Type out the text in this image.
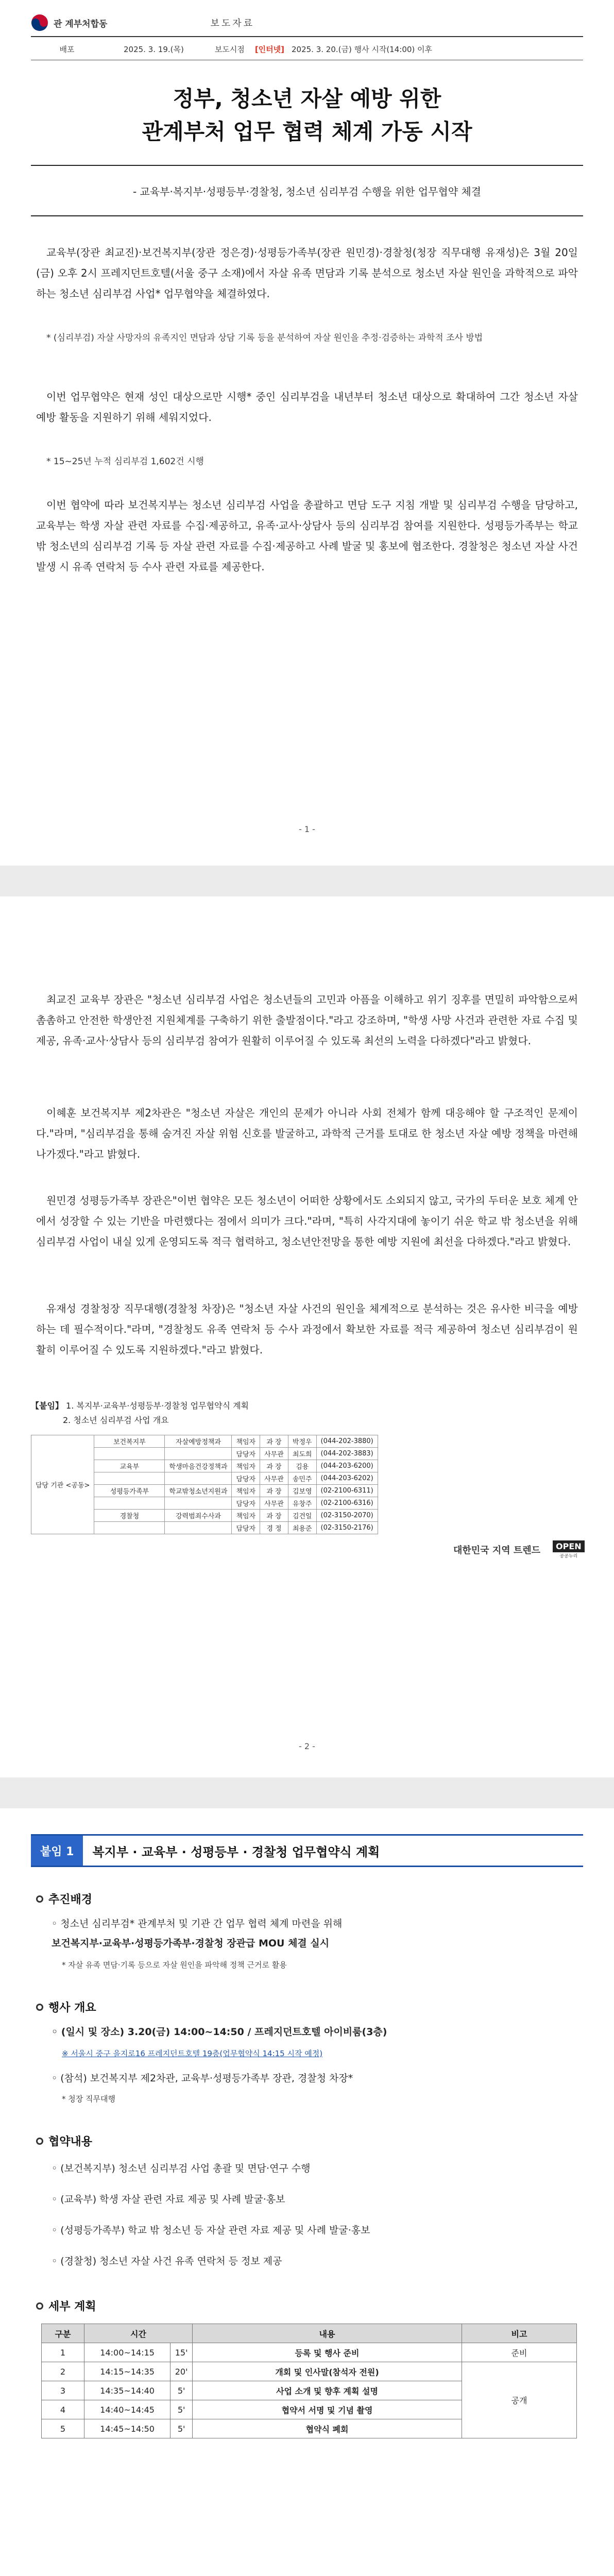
관 계부처합동	보도자료
배포	2025. 3. 19.(목)	보도시점 [인터넷] 2025. 3. 20.(금) 행사 시작(14:00) 이후
정부, 청소년 자살 예방 위한
관계부처 업무 협력 체계 가동 시작
- 교육부·복지부·성평등부·경찰청, 청소년 심리부검 수행을 위한 업무협약 체결
교육부(장관 최교진)·보건복지부(장관 정은경)·성평등가족부(장관 원민경)·경찰청(청장 직무대행 유재성)은 3월 20일(금) 오후 2시 프레지던트호텔(서울 중구 소재)에서 자살 유족 면담과 기록 분석으로 청소년 자살 원인을 과학적으로 파악하는 청소년 심리부검 사업* 업무협약을 체결하였다.
* (심리부검) 자살 사망자의 유족지인 면담과 상담 기록 등을 분석하여 자살 원인을 추정·검증하는 과학적 조사 방법
이번 업무협약은 현재 성인 대상으로만 시행* 중인 심리부검을 내년부터 청소년 대상으로 확대하여 그간 청소년 자살 예방 활동을 지원하기 위해 세워지었다.
* 15~25년 누적 심리부검 1,602건 시행
이번 협약에 따라 보건복지부는 청소년 심리부검 사업을 총괄하고 면담 도구 지침 개발 및 심리부검 수행을 담당하고, 교육부는 학생 자살 관련 자료를 수집·제공하고, 유족·교사·상담사 등의 심리부검 참여를 지원한다. 성평등가족부는 학교 밖 청소년의 심리부검 기록 등 자살 관련 자료를 수집·제공하고 사례 발굴 및 홍보에 협조한다. 경찰청은 청소년 자살 사건 발생 시 유족 연락처 등 수사 관련 자료를 제공한다.
- 1 -
최교진 교육부 장관은 "청소년 심리부검 사업은 청소년들의 고민과 아픔을 이해하고 위기 징후를 면밀히 파악함으로써 촘촘하고 안전한 학생안전 지원체계를 구축하기 위한 출발점이다."라고 강조하며, "학생 사망 사건과 관련한 자료 수집 및 제공, 유족·교사·상담사 등의 심리부검 참여가 원활히 이루어질 수 있도록 최선의 노력을 다하겠다"라고 밝혔다.
이혜훈 보건복지부 제2차관은 "청소년 자살은 개인의 문제가 아니라 사회 전체가 함께 대응해야 할 구조적인 문제이다."라며, "심리부검을 통해 숨겨진 자살 위험 신호를 발굴하고, 과학적 근거를 토대로 한 청소년 자살 예방 정책을 마련해 나가겠다."라고 밝혔다.
원민경 성평등가족부 장관은"이번 협약은 모든 청소년이 어떠한 상황에서도 소외되지 않고, 국가의 두터운 보호 체계 안에서 성장할 수 있는 기반을 마련했다는 점에서 의미가 크다."라며, "특히 사각지대에 놓이기 쉬운 학교 밖 청소년을 위해 심리부검 사업이 내실 있게 운영되도록 적극 협력하고, 청소년안전망을 통한 예방 지원에 최선을 다하겠다."라고 밝혔다.
유재성 경찰청장 직무대행(경찰청 차장)은 "청소년 자살 사건의 원인을 체계적으로 분석하는 것은 유사한 비극을 예방하는 데 필수적이다."라며, "경찰청도 유족 연락처 등 수사 과정에서 확보한 자료를 적극 제공하여 청소년 심리부검이 원활히 이루어질 수 있도록 지원하겠다."라고 밝혔다.
- 2 -
【붙임】 1. 복지부·교육부·성평등부·경찰청 업무협약식 계획
2. 청소년 심리부검 사업 개요
담당 기관 <공동>	보건복지부	자살예방정책과	책임자	과 장	박정우	(044-202-3880)
			담당자	사무관	최도희	(044-202-3883)
	교육부	학생마음건강정책과	책임자	과 장	김용	(044-203-6200)
			담당자	사무관	송민주	(044-203-6202)
	성평등가족부	학교밖청소년지원과	책임자	과 장	김보영	(02-2100-6311)
			담당자	사무관	유창주	(02-2100-6316)
	경찰청	강력범죄수사과	책임자	과 장	김건일	(02-3150-2070)
			담당자	경 정	최용준	(02-3150-2176)
대한민국 지역 트렌드 OPEN
공공누리
붙임 1	복지부 · 교육부 · 성평등부 · 경찰청 업무협약식 계획
추진배경
◦ 청소년 심리부검* 관계부처 및 기관 간 업무 협력 체계 마련을 위해
보건복지부·교육부·성평등가족부·경찰청 장관급 MOU 체결 실시
* 자살 유족 면담·기록 등으로 자살 원인을 파악해 정책 근거로 활용
행사 개요
◦ (일시 및 장소) 3.20(금) 14:00~14:50 / 프레지던트호텔 아이비룸(3층)
※ 서울시 중구 을지로16 프레지던트호텔 19층(업무협약식 14:15 시작 예정)
◦ (참석) 보건복지부 제2차관, 교육부·성평등가족부 장관, 경찰청 차장*
* 청장 직무대행
협약내용
◦ (보건복지부) 청소년 심리부검 사업 총괄 및 면담·연구 수행
◦ (교육부) 학생 자살 관련 자료 제공 및 사례 발굴·홍보
◦ (성평등가족부) 학교 밖 청소년 등 자살 관련 자료 제공 및 사례 발굴·홍보
◦ (경찰청) 청소년 자살 사건 유족 연락처 등 정보 제공
세부 계획
구분	시간		내용	비고
1	14:00~14:15	15'	등록 및 행사 준비	준비
2	14:15~14:35	20'	개회 및 인사말(참석자 전원)	공개
3	14:35~14:40	5'	사업 소개 및 향후 계획 설명	
4	14:40~14:45	5'	협약서 서명 및 기념 촬영	
5	14:45~14:50	5'	협약식 폐회	
